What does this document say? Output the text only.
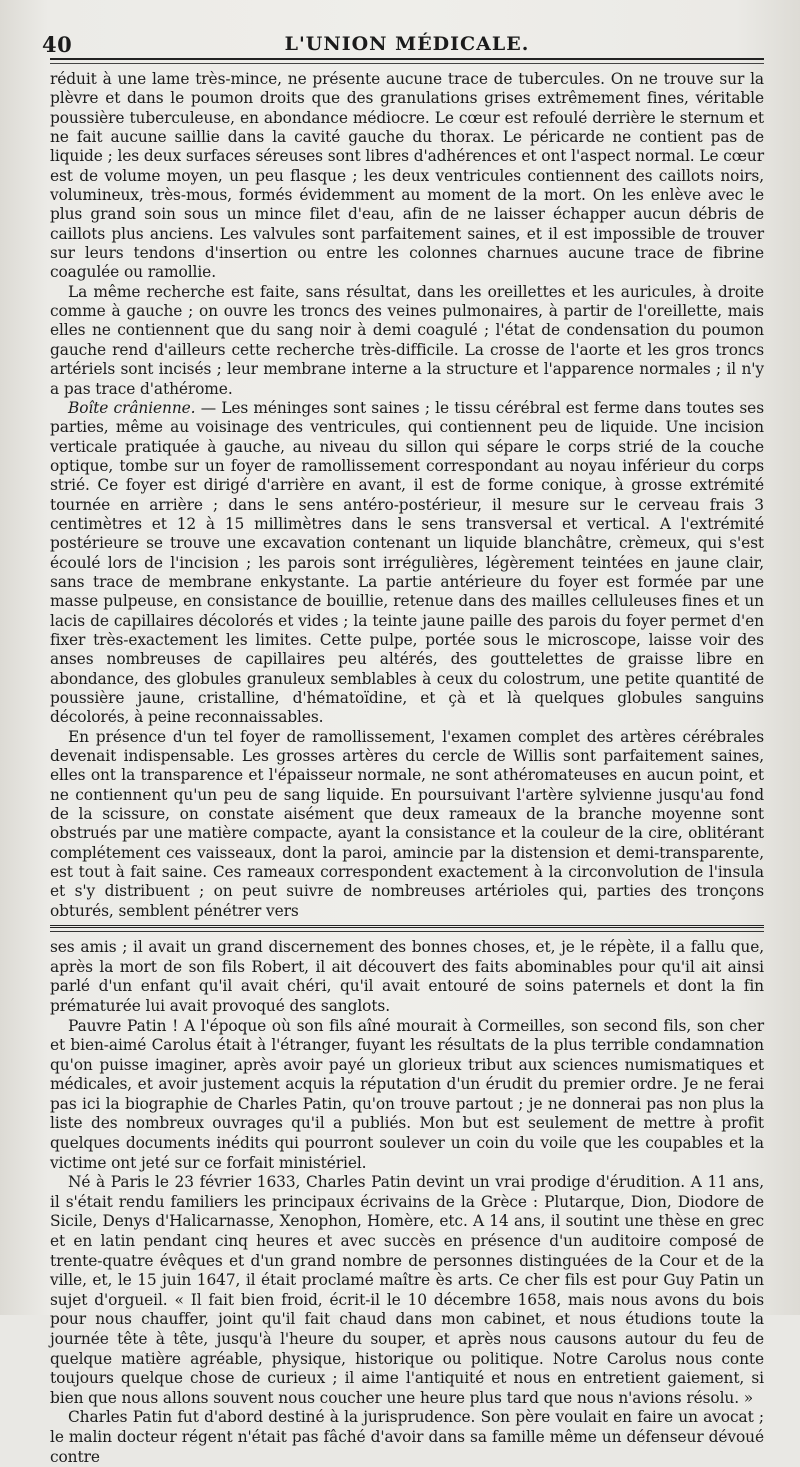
40	L'UNION MÉDICALE.

réduit à une lame très-mince, ne présente aucune trace de tubercules. On ne trouve sur la plèvre et dans le poumon droits que des granulations grises extrêmement fines, véritable poussière tuberculeuse, en abondance médiocre. Le cœur est refoulé derrière le sternum et ne fait aucune saillie dans la cavité gauche du thorax. Le péricarde ne contient pas de liquide ; les deux surfaces séreuses sont libres d'adhérences et ont l'aspect normal. Le cœur est de volume moyen, un peu flasque ; les deux ventricules contiennent des caillots noirs, volumineux, très-mous, formés évidemment au moment de la mort. On les enlève avec le plus grand soin sous un mince filet d'eau, afin de ne laisser échapper aucun débris de caillots plus anciens. Les valvules sont parfaitement saines, et il est impossible de trouver sur leurs tendons d'insertion ou entre les colonnes charnues aucune trace de fibrine coagulée ou ramollie.

La même recherche est faite, sans résultat, dans les oreillettes et les auricules, à droite comme à gauche ; on ouvre les troncs des veines pulmonaires, à partir de l'oreillette, mais elles ne contiennent que du sang noir à demi coagulé ; l'état de condensation du poumon gauche rend d'ailleurs cette recherche très-difficile. La crosse de l'aorte et les gros troncs artériels sont incisés ; leur membrane interne a la structure et l'apparence normales ; il n'y a pas trace d'athérome.

Boîte crânienne. — Les méninges sont saines ; le tissu cérébral est ferme dans toutes ses parties, même au voisinage des ventricules, qui contiennent peu de liquide. Une incision verticale pratiquée à gauche, au niveau du sillon qui sépare le corps strié de la couche optique, tombe sur un foyer de ramollissement correspondant au noyau inférieur du corps strié. Ce foyer est dirigé d'arrière en avant, il est de forme conique, à grosse extrémité tournée en arrière ; dans le sens antéro-postérieur, il mesure sur le cerveau frais 3 centimètres et 12 à 15 millimètres dans le sens transversal et vertical. A l'extrémité postérieure se trouve une excavation contenant un liquide blanchâtre, crèmeux, qui s'est écoulé lors de l'incision ; les parois sont irrégulières, légèrement teintées en jaune clair, sans trace de membrane enkystante. La partie antérieure du foyer est formée par une masse pulpeuse, en consistance de bouillie, retenue dans des mailles celluleuses fines et un lacis de capillaires décolorés et vides ; la teinte jaune paille des parois du foyer permet d'en fixer très-exactement les limites. Cette pulpe, portée sous le microscope, laisse voir des anses nombreuses de capillaires peu altérés, des gouttelettes de graisse libre en abondance, des globules granuleux semblables à ceux du colostrum, une petite quantité de poussière jaune, cristalline, d'hématoïdine, et çà et là quelques globules sanguins décolorés, à peine reconnaissables.

En présence d'un tel foyer de ramollissement, l'examen complet des artères cérébrales devenait indispensable. Les grosses artères du cercle de Willis sont parfaitement saines, elles ont la transparence et l'épaisseur normale, ne sont athéromateuses en aucun point, et ne contiennent qu'un peu de sang liquide. En poursuivant l'artère sylvienne jusqu'au fond de la scissure, on constate aisément que deux rameaux de la branche moyenne sont obstrués par une matière compacte, ayant la consistance et la couleur de la cire, oblitérant complétement ces vaisseaux, dont la paroi, amincie par la distension et demi-transparente, est tout à fait saine. Ces rameaux correspondent exactement à la circonvolution de l'insula et s'y distribuent ; on peut suivre de nombreuses artérioles qui, parties des tronçons obturés, semblent pénétrer vers

ses amis ; il avait un grand discernement des bonnes choses, et, je le répète, il a fallu que, après la mort de son fils Robert, il ait découvert des faits abominables pour qu'il ait ainsi parlé d'un enfant qu'il avait chéri, qu'il avait entouré de soins paternels et dont la fin prématurée lui avait provoqué des sanglots.

Pauvre Patin ! A l'époque où son fils aîné mourait à Cormeilles, son second fils, son cher et bien-aimé Carolus était à l'étranger, fuyant les résultats de la plus terrible condamnation qu'on puisse imaginer, après avoir payé un glorieux tribut aux sciences numismatiques et médicales, et avoir justement acquis la réputation d'un érudit du premier ordre. Je ne ferai pas ici la biographie de Charles Patin, qu'on trouve partout ; je ne donnerai pas non plus la liste des nombreux ouvrages qu'il a publiés. Mon but est seulement de mettre à profit quelques documents inédits qui pourront soulever un coin du voile que les coupables et la victime ont jeté sur ce forfait ministériel.

Né à Paris le 23 février 1633, Charles Patin devint un vrai prodige d'érudition. A 11 ans, il s'était rendu familiers les principaux écrivains de la Grèce : Plutarque, Dion, Diodore de Sicile, Denys d'Halicarnasse, Xenophon, Homère, etc. A 14 ans, il soutint une thèse en grec et en latin pendant cinq heures et avec succès en présence d'un auditoire composé de trente-quatre évêques et d'un grand nombre de personnes distinguées de la Cour et de la ville, et, le 15 juin 1647, il était proclamé maître ès arts. Ce cher fils est pour Guy Patin un sujet d'orgueil. « Il fait bien froid, écrit-il le 10 décembre 1658, mais nous avons du bois pour nous chauffer, joint qu'il fait chaud dans mon cabinet, et nous étudions toute la journée tête à tête, jusqu'à l'heure du souper, et après nous causons autour du feu de quelque matière agréable, physique, historique ou politique. Notre Carolus nous conte toujours quelque chose de curieux ; il aime l'antiquité et nous en entretient gaiement, si bien que nous allons souvent nous coucher une heure plus tard que nous n'avions résolu. »

Charles Patin fut d'abord destiné à la jurisprudence. Son père voulait en faire un avocat ; le malin docteur régent n'était pas fâché d'avoir dans sa famille même un défenseur dévoué contre
